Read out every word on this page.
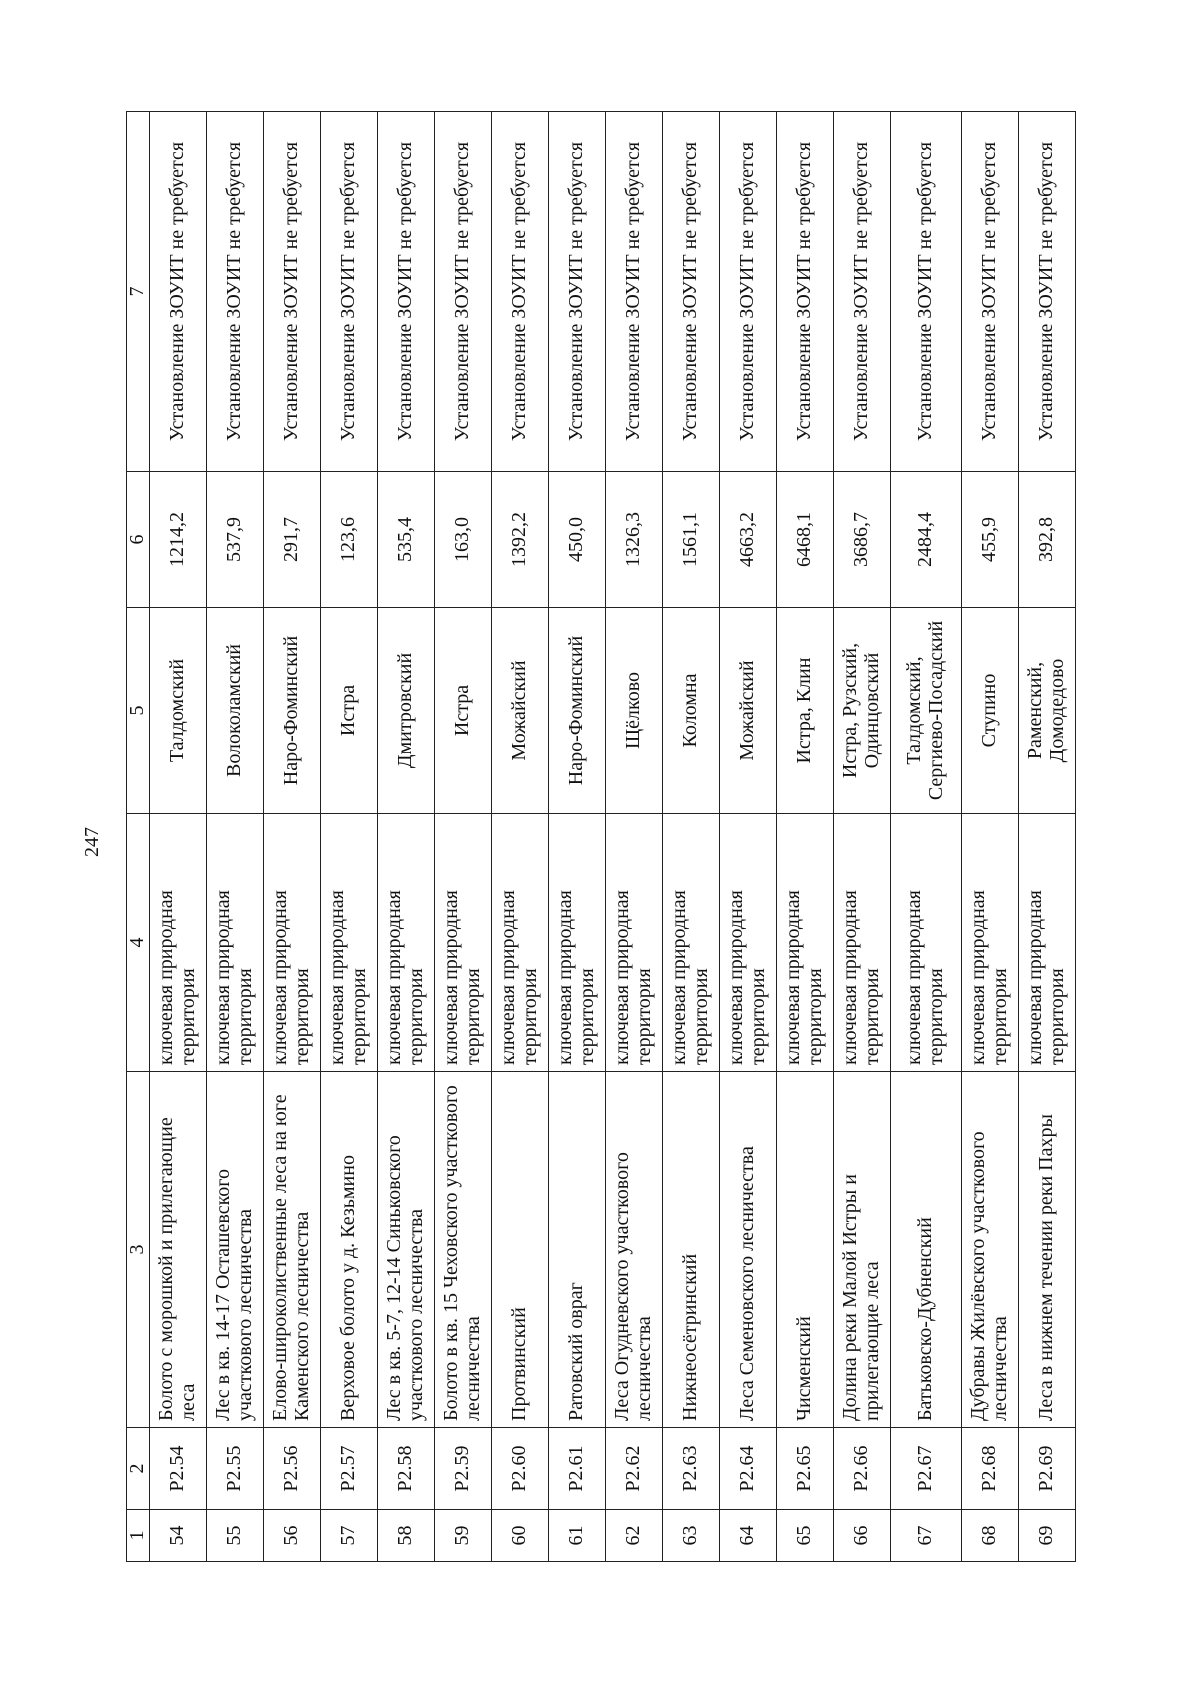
247
1	2	3	4	5	6	7
54	Р2.54	Болото с морошкой и прилегающие леса	ключевая природная территория	Талдомский	1214,2	Установление ЗОУИТ не требуется
55	Р2.55	Лес в кв. 14-17 Осташевского участкового лесничества	ключевая природная территория	Волоколамский	537,9	Установление ЗОУИТ не требуется
56	Р2.56	Елово-широколиственные леса на юге Каменского лесничества	ключевая природная территория	Наро-Фоминский	291,7	Установление ЗОУИТ не требуется
57	Р2.57	Верховое болото у д. Кезьмино	ключевая природная территория	Истра	123,6	Установление ЗОУИТ не требуется
58	Р2.58	Лес в кв. 5-7, 12-14 Синьковского участкового лесничества	ключевая природная территория	Дмитровский	535,4	Установление ЗОУИТ не требуется
59	Р2.59	Болото в кв. 15 Чеховского участкового лесничества	ключевая природная территория	Истра	163,0	Установление ЗОУИТ не требуется
60	Р2.60	Протвинский	ключевая природная территория	Можайский	1392,2	Установление ЗОУИТ не требуется
61	Р2.61	Ратовский овраг	ключевая природная территория	Наро-Фоминский	450,0	Установление ЗОУИТ не требуется
62	Р2.62	Леса Огудневского участкового лесничества	ключевая природная территория	Щёлково	1326,3	Установление ЗОУИТ не требуется
63	Р2.63	Нижнеосётринский	ключевая природная территория	Коломна	1561,1	Установление ЗОУИТ не требуется
64	Р2.64	Леса Семеновского лесничества	ключевая природная территория	Можайский	4663,2	Установление ЗОУИТ не требуется
65	Р2.65	Чисменский	ключевая природная территория	Истра, Клин	6468,1	Установление ЗОУИТ не требуется
66	Р2.66	Долина реки Малой Истры и прилегающие леса	ключевая природная территория	Истра, Рузский, Одинцовский	3686,7	Установление ЗОУИТ не требуется
67	Р2.67	Батьковско-Дубненский	ключевая природная территория	Талдомский, Сергиево-Посадский	2484,4	Установление ЗОУИТ не требуется
68	Р2.68	Дубравы Жилёвского участкового лесничества	ключевая природная территория	Ступино	455,9	Установление ЗОУИТ не требуется
69	Р2.69	Леса в нижнем течении реки Пахры	ключевая природная территория	Раменский, Домодедово	392,8	Установление ЗОУИТ не требуется
